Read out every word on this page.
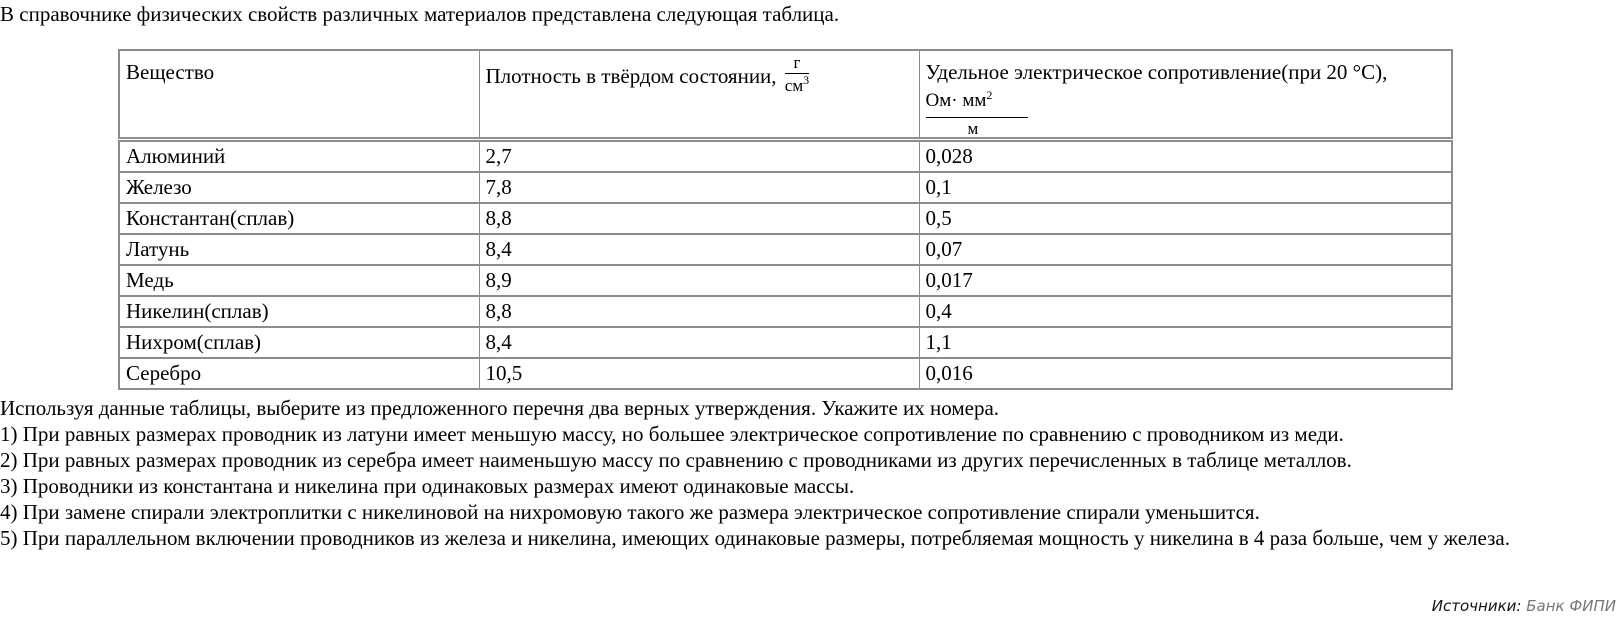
В справочнике физических свойств различных материалов представлена следующая таблица.
Вещество	Плотность в твёрдом состоянии, $\frac{г}{см^3}$	Удельное электрическое сопротивление(при 20 °C),
$Ом\cdot мм^2$
м

Алюминий	2,7	0,028
Железо	7,8	0,1
Константан(сплав)	8,8	0,5
Латунь	8,4	0,07
Медь	8,9	0,017
Никелин(сплав)	8,8	0,4
Нихром(сплав)	8,4	1,1
Серебро	10,5	0,016

Используя данные таблицы, выберите из предложенного перечня два верных утверждения. Укажите их номера.

1) При равных размерах проводник из латуни имеет меньшую массу, но большее электрическое сопротивление по сравнению с проводником из меди.

2) При равных размерах проводник из серебра имеет наименьшую массу по сравнению с проводниками из других перечисленных в таблице металлов.

3) Проводники из константана и никелина при одинаковых размерах имеют одинаковые массы.

4) При замене спирали электроплитки с никелиновой на нихромовую такого же размера электрическое сопротивление спирали уменьшится.

5) При параллельном включении проводников из железа и никелина, имеющих одинаковые размеры, потребляемая мощность у никелина в 4 раза больше, чем у железа.

Источники: Банк ФИПИ
